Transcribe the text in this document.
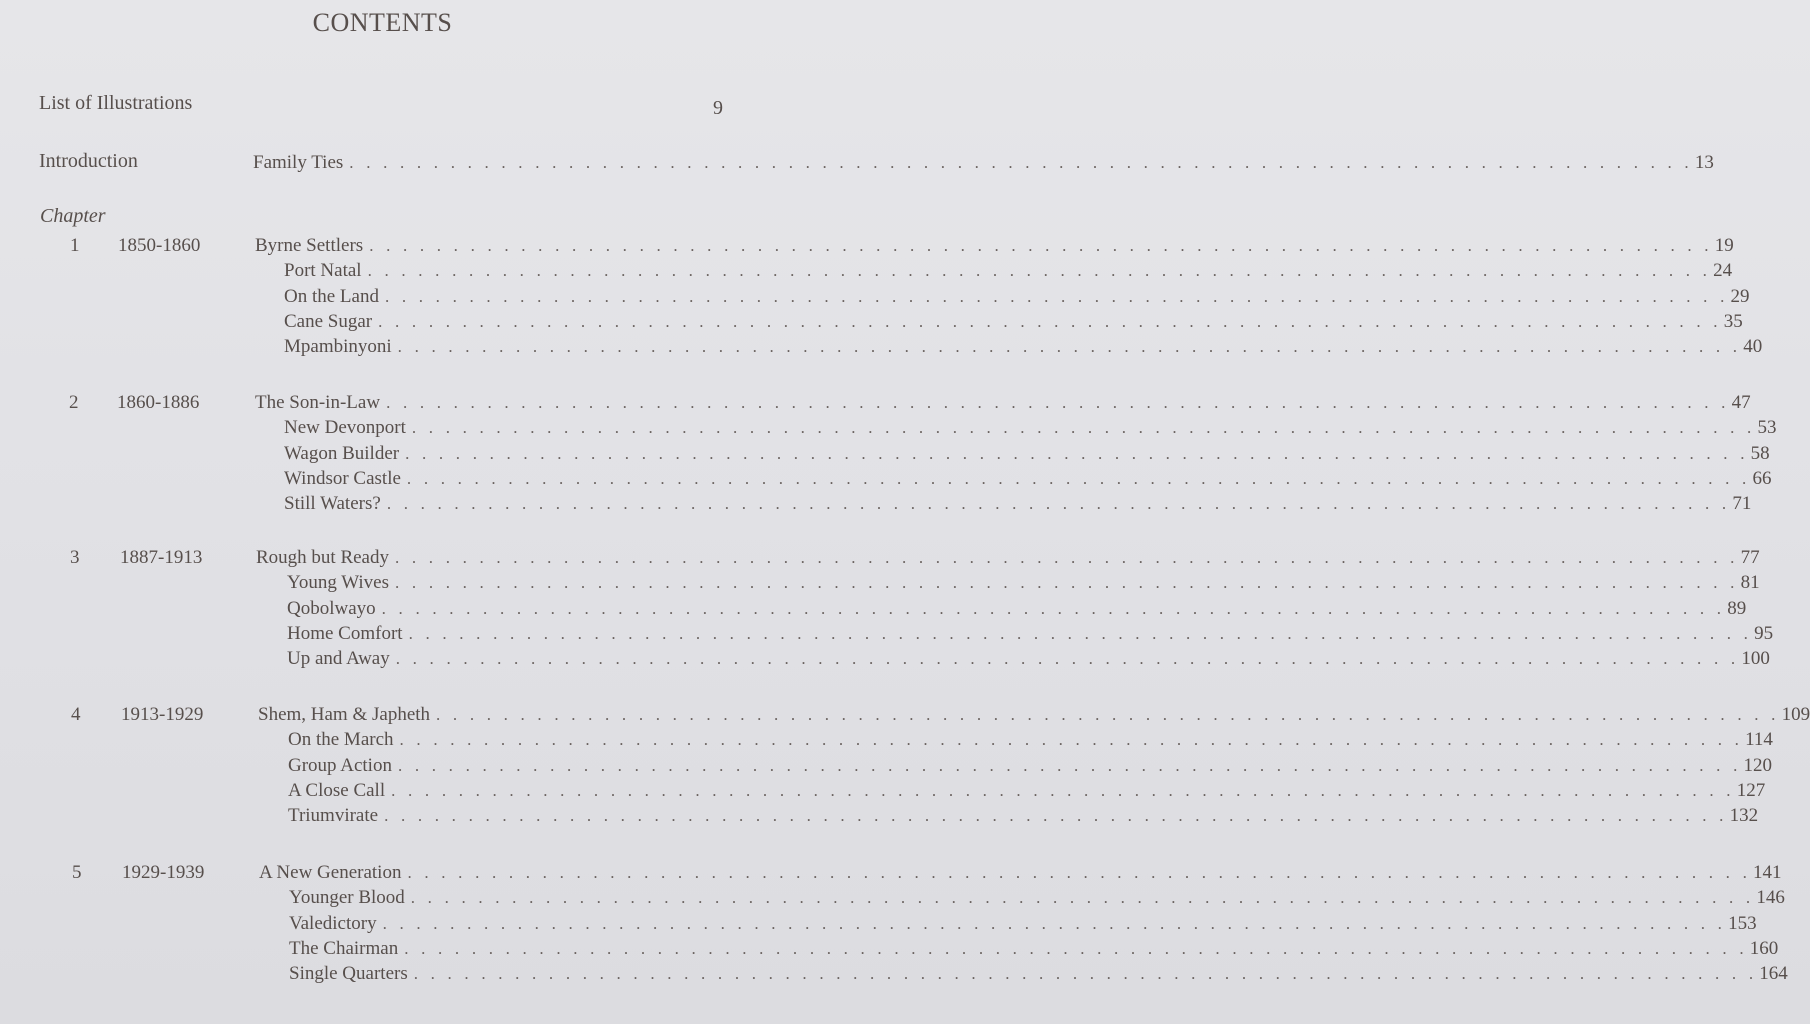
CONTENTS
List of Illustrations	9
Introduction	Family Ties . . . . . . . . . . . . . . . . . . . . . . . . . . . . . . . . . . . . . . . . . . . . . . . . . . . . . . . . . . . . . . . . . . . . . . . . . . . . . . . . 13
Chapter
1 1850-1860	Byrne Settlers . . . . . . . . . . . . . . . . . . . . . . . . . . . . . . . . . . . . . . . . . . . . . . . . . . . . . . . . . . . . . . . . . . . . . . . . . . . . . . . . 19
Port Natal . . . . . . . . . . . . . . . . . . . . . . . . . . . . . . . . . . . . . . . . . . . . . . . . . . . . . . . . . . . . . . . . . . . . . . . . . . . . . . . . 24
On the Land . . . . . . . . . . . . . . . . . . . . . . . . . . . . . . . . . . . . . . . . . . . . . . . . . . . . . . . . . . . . . . . . . . . . . . . . . . . . . . . . 29
Cane Sugar . . . . . . . . . . . . . . . . . . . . . . . . . . . . . . . . . . . . . . . . . . . . . . . . . . . . . . . . . . . . . . . . . . . . . . . . . . . . . . . . 35
Mpambinyoni . . . . . . . . . . . . . . . . . . . . . . . . . . . . . . . . . . . . . . . . . . . . . . . . . . . . . . . . . . . . . . . . . . . . . . . . . . . . . . . . 40
2 1860-1886	The Son-in-Law . . . . . . . . . . . . . . . . . . . . . . . . . . . . . . . . . . . . . . . . . . . . . . . . . . . . . . . . . . . . . . . . . . . . . . . . . . . . . . . . 47
New Devonport . . . . . . . . . . . . . . . . . . . . . . . . . . . . . . . . . . . . . . . . . . . . . . . . . . . . . . . . . . . . . . . . . . . . . . . . . . . . . . . . 53
Wagon Builder . . . . . . . . . . . . . . . . . . . . . . . . . . . . . . . . . . . . . . . . . . . . . . . . . . . . . . . . . . . . . . . . . . . . . . . . . . . . . . . . 58
Windsor Castle . . . . . . . . . . . . . . . . . . . . . . . . . . . . . . . . . . . . . . . . . . . . . . . . . . . . . . . . . . . . . . . . . . . . . . . . . . . . . . . . 66
Still Waters? . . . . . . . . . . . . . . . . . . . . . . . . . . . . . . . . . . . . . . . . . . . . . . . . . . . . . . . . . . . . . . . . . . . . . . . . . . . . . . . . 71
3 1887-1913	Rough but Ready . . . . . . . . . . . . . . . . . . . . . . . . . . . . . . . . . . . . . . . . . . . . . . . . . . . . . . . . . . . . . . . . . . . . . . . . . . . . . . . . 77
Young Wives . . . . . . . . . . . . . . . . . . . . . . . . . . . . . . . . . . . . . . . . . . . . . . . . . . . . . . . . . . . . . . . . . . . . . . . . . . . . . . . . 81
Qobolwayo . . . . . . . . . . . . . . . . . . . . . . . . . . . . . . . . . . . . . . . . . . . . . . . . . . . . . . . . . . . . . . . . . . . . . . . . . . . . . . . . 89
Home Comfort . . . . . . . . . . . . . . . . . . . . . . . . . . . . . . . . . . . . . . . . . . . . . . . . . . . . . . . . . . . . . . . . . . . . . . . . . . . . . . . . 95
Up and Away . . . . . . . . . . . . . . . . . . . . . . . . . . . . . . . . . . . . . . . . . . . . . . . . . . . . . . . . . . . . . . . . . . . . . . . . . . . . . . . . 100
4 1913-1929	Shem, Ham & Japheth . . . . . . . . . . . . . . . . . . . . . . . . . . . . . . . . . . . . . . . . . . . . . . . . . . . . . . . . . . . . . . . . . . . . . . . . . . . . . . . . 109
On the March . . . . . . . . . . . . . . . . . . . . . . . . . . . . . . . . . . . . . . . . . . . . . . . . . . . . . . . . . . . . . . . . . . . . . . . . . . . . . . . . 114
Group Action . . . . . . . . . . . . . . . . . . . . . . . . . . . . . . . . . . . . . . . . . . . . . . . . . . . . . . . . . . . . . . . . . . . . . . . . . . . . . . . . 120
A Close Call . . . . . . . . . . . . . . . . . . . . . . . . . . . . . . . . . . . . . . . . . . . . . . . . . . . . . . . . . . . . . . . . . . . . . . . . . . . . . . . . 127
Triumvirate . . . . . . . . . . . . . . . . . . . . . . . . . . . . . . . . . . . . . . . . . . . . . . . . . . . . . . . . . . . . . . . . . . . . . . . . . . . . . . . . 132
5 1929-1939	A New Generation . . . . . . . . . . . . . . . . . . . . . . . . . . . . . . . . . . . . . . . . . . . . . . . . . . . . . . . . . . . . . . . . . . . . . . . . . . . . . . . . 141
Younger Blood . . . . . . . . . . . . . . . . . . . . . . . . . . . . . . . . . . . . . . . . . . . . . . . . . . . . . . . . . . . . . . . . . . . . . . . . . . . . . . . . 146
Valedictory . . . . . . . . . . . . . . . . . . . . . . . . . . . . . . . . . . . . . . . . . . . . . . . . . . . . . . . . . . . . . . . . . . . . . . . . . . . . . . . . 153
The Chairman . . . . . . . . . . . . . . . . . . . . . . . . . . . . . . . . . . . . . . . . . . . . . . . . . . . . . . . . . . . . . . . . . . . . . . . . . . . . . . . . 160
Single Quarters . . . . . . . . . . . . . . . . . . . . . . . . . . . . . . . . . . . . . . . . . . . . . . . . . . . . . . . . . . . . . . . . . . . . . . . . . . . . . . . . 164
